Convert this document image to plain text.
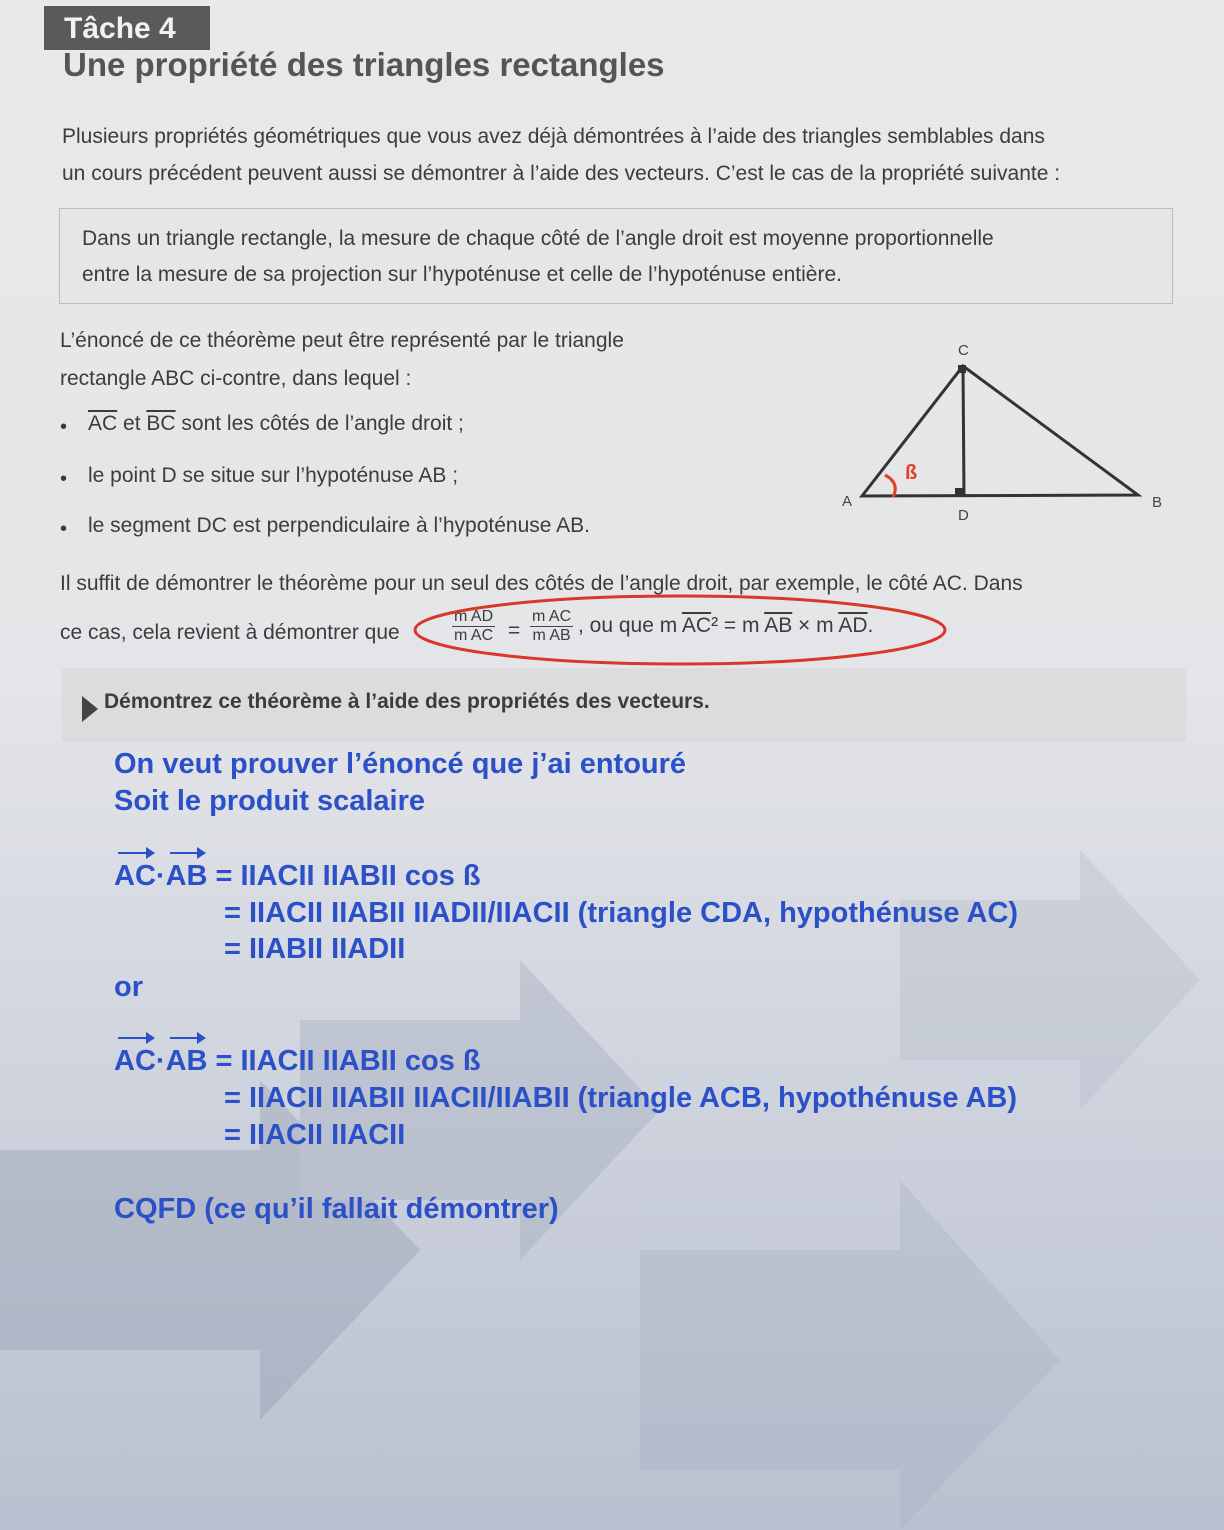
Tâche 4
Une propriété des triangles rectangles
Plusieurs propriétés géométriques que vous avez déjà démontrées à l’aide des triangles semblables dans
un cours précédent peuvent aussi se démontrer à l’aide des vecteurs. C’est le cas de la propriété suivante :
Dans un triangle rectangle, la mesure de chaque côté de l’angle droit est moyenne proportionnelle
entre la mesure de sa projection sur l’hypoténuse et celle de l’hypoténuse entière.
L’énoncé de ce théorème peut être représenté par le triangle
rectangle ABC ci-contre, dans lequel :
• $\overline{AC}$ et $\overline{BC}$ sont les côtés de l’angle droit ;
• le point D se situe sur l’hypoténuse AB ;
• le segment DC est perpendiculaire à l’hypoténuse AB.
C
A	B
D
ß
Il suffit de démontrer le théorème pour un seul des côtés de l’angle droit, par exemple, le côté AC. Dans
ce cas, cela revient à démontrer que	$\frac{\text{m AD}}{\text{m AC}} = \frac{\text{m AC}}{\text{m AB}}$ , ou que m $\overline{AC}^2 = m$ $\overline{AB} \times m$ $\overline{AD}$.
Démontrez ce théorème à l’aide des propriétés des vecteurs.
On veut prouver l’énoncé que j’ai entouré
Soit le produit scalaire
AC·
AB = IIACII IIABII cos ß
= IIACII IIABII IIADII/IIACII (triangle CDA, hypothénuse AC)
= IIABII IIADII
or
AC·
AB = IIACII IIABII cos ß
= IIACII IIABII IIACII/IIABII (triangle ACB, hypothénuse AB)
= IIACII IIACII
CQFD (ce qu’il fallait démontrer)
